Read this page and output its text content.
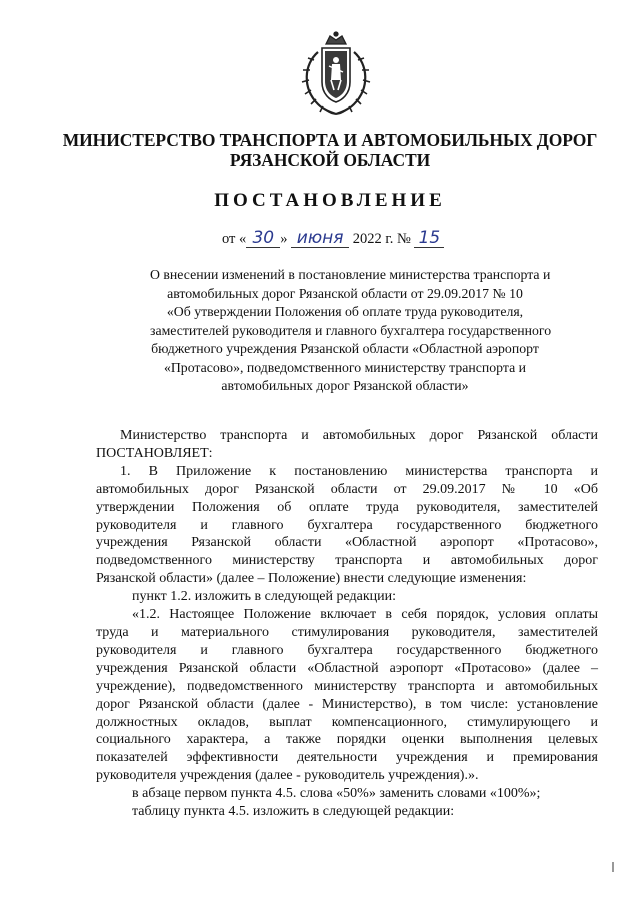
МИНИСТЕРСТВО ТРАНСПОРТА И АВТОМОБИЛЬНЫХ ДОРОГ
РЯЗАНСКОЙ ОБЛАСТИ
ПОСТАНОВЛЕНИЕ
от « 30 » июня 2022 г. № 15
О внесении изменений в постановление министерства транспорта и
автомобильных дорог Рязанской области от 29.09.2017 № 10
«Об утверждении Положения об оплате труда руководителя,
заместителей руководителя и главного бухгалтера государственного
бюджетного учреждения Рязанской области «Областной аэропорт
«Протасово», подведомственного министерству транспорта и
автомобильных дорог Рязанской области»
Министерство транспорта и автомобильных дорог Рязанской области
ПОСТАНОВЛЯЕТ:
1. В Приложение к постановлению министерства транспорта и
автомобильных дорог Рязанской области от 29.09.2017 № 10 «Об
утверждении Положения об оплате труда руководителя, заместителей
руководителя и главного бухгалтера государственного бюджетного
учреждения Рязанской области «Областной аэропорт «Протасово»,
подведомственного министерству транспорта и автомобильных дорог
Рязанской области» (далее – Положение) внести следующие изменения:
пункт 1.2. изложить в следующей редакции:
«1.2. Настоящее Положение включает в себя порядок, условия оплаты
труда и материального стимулирования руководителя, заместителей
руководителя и главного бухгалтера государственного бюджетного
учреждения Рязанской области «Областной аэропорт «Протасово» (далее –
учреждение), подведомственного министерству транспорта и автомобильных
дорог Рязанской области (далее - Министерство), в том числе: установление
должностных окладов, выплат компенсационного, стимулирующего и
социального характера, а также порядки оценки выполнения целевых
показателей эффективности деятельности учреждения и премирования
руководителя учреждения (далее - руководитель учреждения).».
в абзаце первом пункта 4.5. слова «50%» заменить словами «100%»;
таблицу пункта 4.5. изложить в следующей редакции:
